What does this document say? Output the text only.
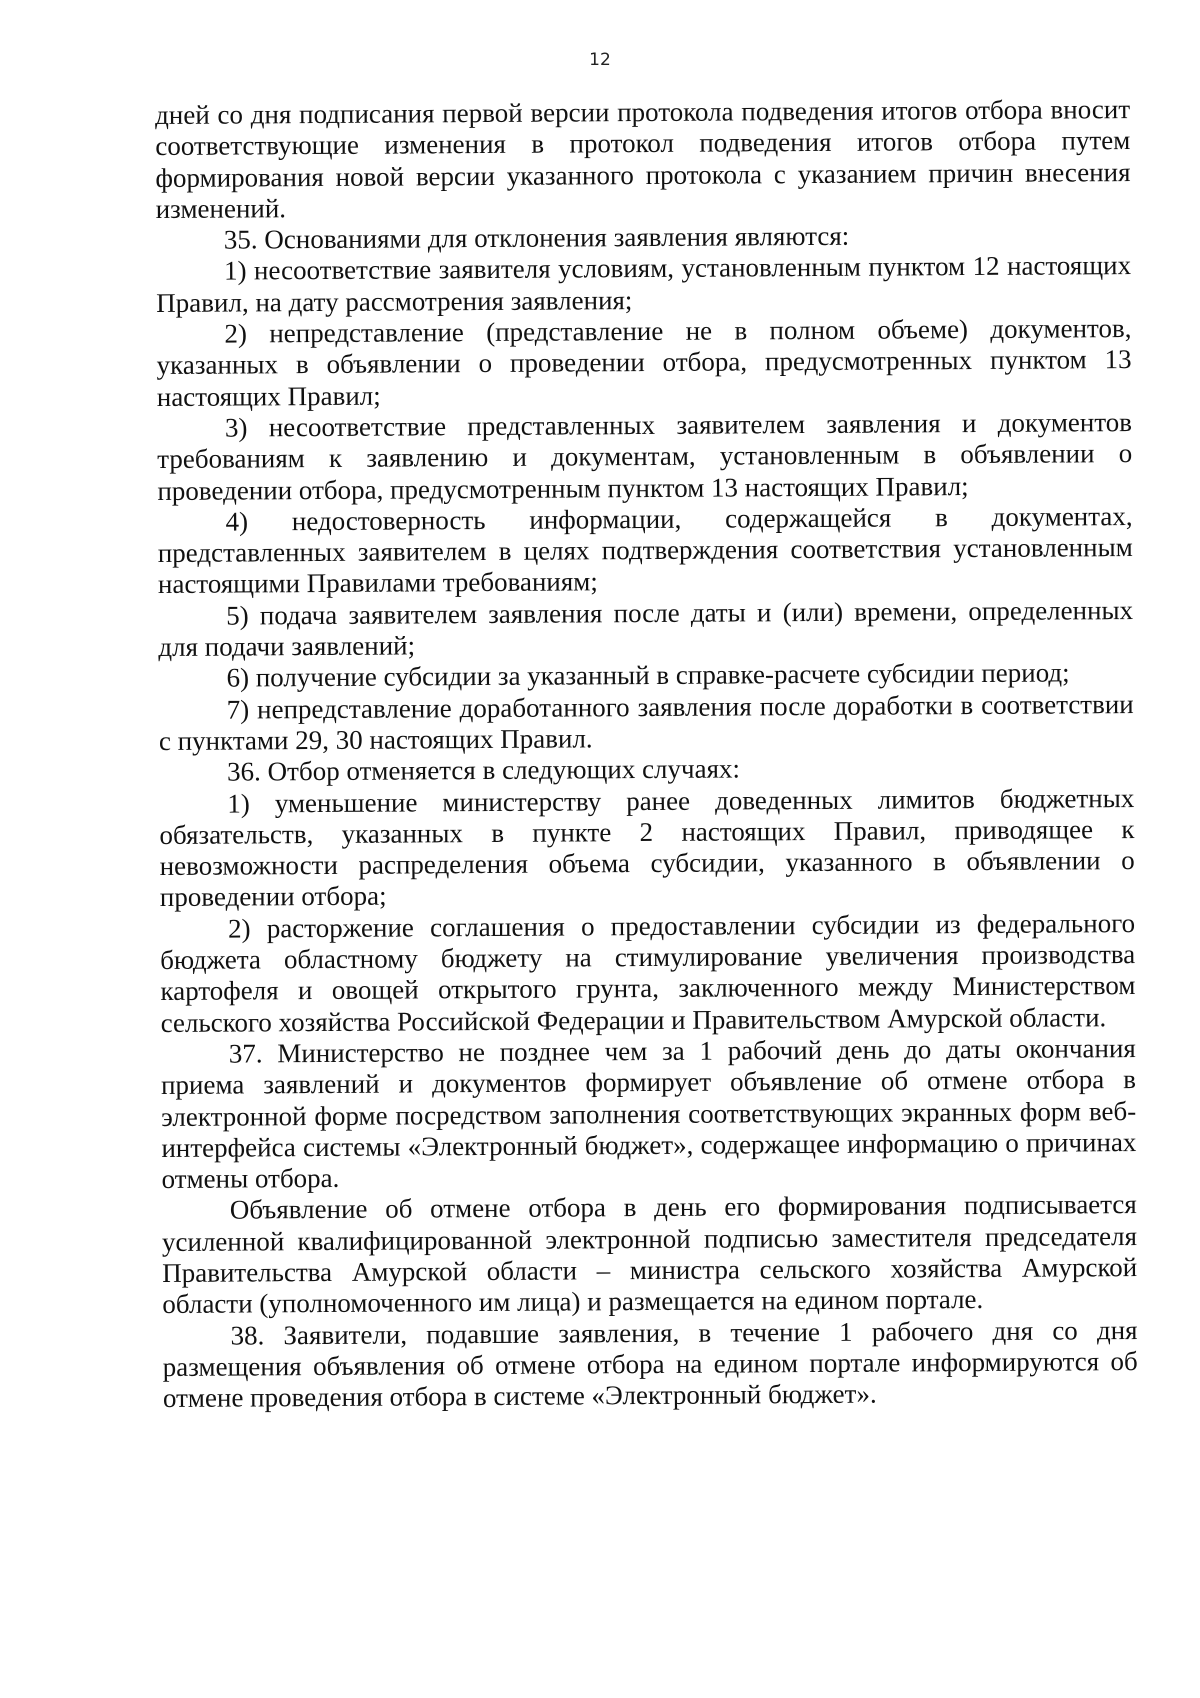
12

дней со дня подписания первой версии протокола подведения итогов отбора вносит соответствующие изменения в протокол подведения итогов отбора путем формирования новой версии указанного протокола с указанием причин внесения изменений.

35. Основаниями для отклонения заявления являются:

1) несоответствие заявителя условиям, установленным пунктом 12 настоящих Правил, на дату рассмотрения заявления;

2) непредставление (представление не в полном объеме) документов, указанных в объявлении о проведении отбора, предусмотренных пунктом 13 настоящих Правил;

3) несоответствие представленных заявителем заявления и документов требованиям к заявлению и документам, установленным в объявлении о проведении отбора, предусмотренным пунктом 13 настоящих Правил;

4) недостоверность информации, содержащейся в документах, представленных заявителем в целях подтверждения соответствия установленным настоящими Правилами требованиям;

5) подача заявителем заявления после даты и (или) времени, определенных для подачи заявлений;

6) получение субсидии за указанный в справке-расчете субсидии период;

7) непредставление доработанного заявления после доработки в соответствии с пунктами 29, 30 настоящих Правил.

36. Отбор отменяется в следующих случаях:

1) уменьшение министерству ранее доведенных лимитов бюджетных обязательств, указанных в пункте 2 настоящих Правил, приводящее к невозможности распределения объема субсидии, указанного в объявлении о проведении отбора;

2) расторжение соглашения о предоставлении субсидии из федерального бюджета областному бюджету на стимулирование увеличения производства картофеля и овощей открытого грунта, заключенного между Министерством сельского хозяйства Российской Федерации и Правительством Амурской области.

37. Министерство не позднее чем за 1 рабочий день до даты окончания приема заявлений и документов формирует объявление об отмене отбора в электронной форме посредством заполнения соответствующих экранных форм веб-интерфейса системы «Электронный бюджет», содержащее информацию о причинах отмены отбора.

Объявление об отмене отбора в день его формирования подписывается усиленной квалифицированной электронной подписью заместителя председателя Правительства Амурской области – министра сельского хозяйства Амурской области (уполномоченного им лица) и размещается на едином портале.

38. Заявители, подавшие заявления, в течение 1 рабочего дня со дня размещения объявления об отмене отбора на едином портале информируются об отмене проведения отбора в системе «Электронный бюджет».
